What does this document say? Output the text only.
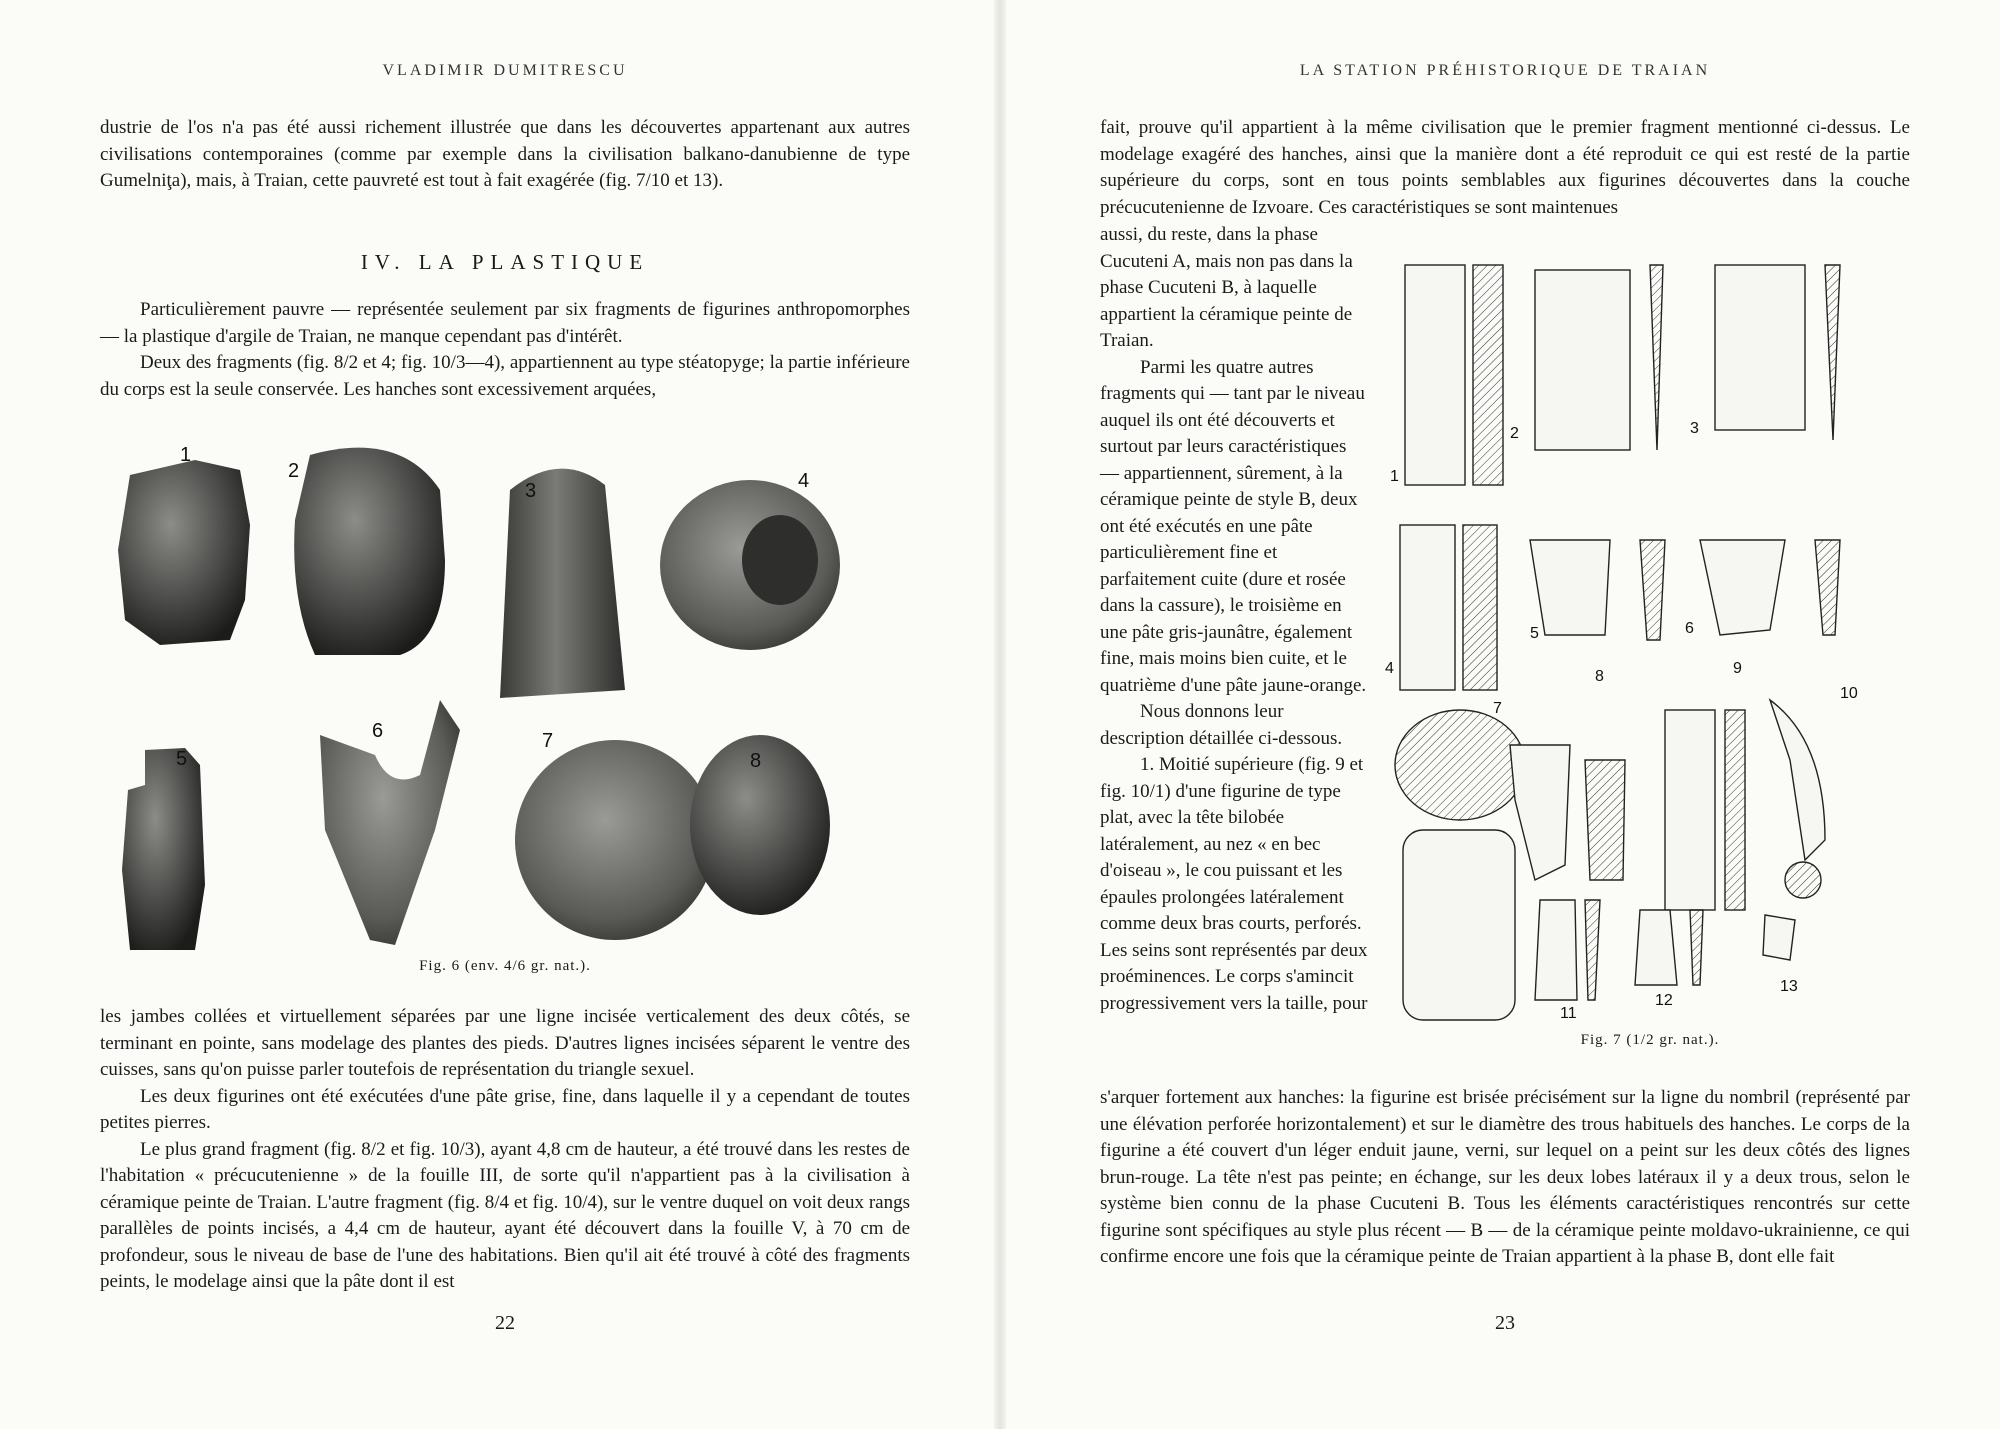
VLADIMIR DUMITRESCU

dustrie de l'os n'a pas été aussi richement illustrée que dans les découvertes appartenant aux autres civilisations contemporaines (comme par exemple dans la civilisation balkano-danubienne de type Gumelniţa), mais, à Traian, cette pauvreté est tout à fait exagérée (fig. 7/10 et 13).

IV. LA PLASTIQUE

Particulièrement pauvre — représentée seulement par six fragments de figurines anthropomorphes — la plastique d'argile de Traian, ne manque cependant pas d'intérêt.

Deux des fragments (fig. 8/2 et 4; fig. 10/3—4), appartiennent au type stéatopyge; la partie inférieure du corps est la seule conservée. Les hanches sont excessivement arquées,

1
2
3	4
5
6	7
8
Fig. 6 (env. 4/6 gr. nat.).

les jambes collées et virtuellement séparées par une ligne incisée verticalement des deux côtés, se terminant en pointe, sans modelage des plantes des pieds. D'autres lignes incisées séparent le ventre des cuisses, sans qu'on puisse parler toutefois de représentation du triangle sexuel.

Les deux figurines ont été exécutées d'une pâte grise, fine, dans laquelle il y a cependant de toutes petites pierres.

Le plus grand fragment (fig. 8/2 et fig. 10/3), ayant 4,8 cm de hauteur, a été trouvé dans les restes de l'habitation « précucutenienne » de la fouille III, de sorte qu'il n'appartient pas à la civilisation à céramique peinte de Traian. L'autre fragment (fig. 8/4 et fig. 10/4), sur le ventre duquel on voit deux rangs parallèles de points incisés, a 4,4 cm de hauteur, ayant été découvert dans la fouille V, à 70 cm de profondeur, sous le niveau de base de l'une des habitations. Bien qu'il ait été trouvé à côté des fragments peints, le modelage ainsi que la pâte dont il est

22
LA STATION PRÉHISTORIQUE DE TRAIAN

fait, prouve qu'il appartient à la même civilisation que le premier fragment mentionné ci-dessus. Le modelage exagéré des hanches, ainsi que la manière dont a été reproduit ce qui est resté de la partie supérieure du corps, sont en tous points semblables aux figurines découvertes dans la couche précucutenienne de Izvoare. Ces caractéristiques se sont maintenues

aussi, du reste, dans la phase Cucuteni A, mais non pas dans la phase Cucuteni B, à laquelle appartient la céramique peinte de Traian.

Parmi les quatre autres fragments qui — tant par le niveau auquel ils ont été découverts et surtout par leurs caractéristiques — appartiennent, sûrement, à la céramique peinte de style B, deux ont été exécutés en une pâte particulièrement fine et parfaitement cuite (dure et rosée dans la cassure), le troisième en une pâte gris-jaunâtre, également fine, mais moins bien cuite, et le quatrième d'une pâte jaune-orange.

Nous donnons leur description détaillée ci-dessous.

1. Moitié supérieure (fig. 9 et fig. 10/1) d'une figurine de type plat, avec la tête bilobée latéralement, au nez « en bec d'oiseau », le cou puissant et les épaules prolongées latéralement comme deux bras courts, perforés. Les seins sont représentés par deux proéminences. Le corps s'amincit progressivement vers la taille, pour

1
2	3
4
5	6
7
8	9
10
11
12
13
Fig. 7 (1/2 gr. nat.).

s'arquer fortement aux hanches: la figurine est brisée précisément sur la ligne du nombril (représenté par une élévation perforée horizontalement) et sur le diamètre des trous habituels des hanches. Le corps de la figurine a été couvert d'un léger enduit jaune, verni, sur lequel on a peint sur les deux côtés des lignes brun-rouge. La tête n'est pas peinte; en échange, sur les deux lobes latéraux il y a deux trous, selon le système bien connu de la phase Cucuteni B. Tous les éléments caractéristiques rencontrés sur cette figurine sont spécifiques au style plus récent — B — de la céramique peinte moldavo-ukrainienne, ce qui confirme encore une fois que la céramique peinte de Traian appartient à la phase B, dont elle fait

23
